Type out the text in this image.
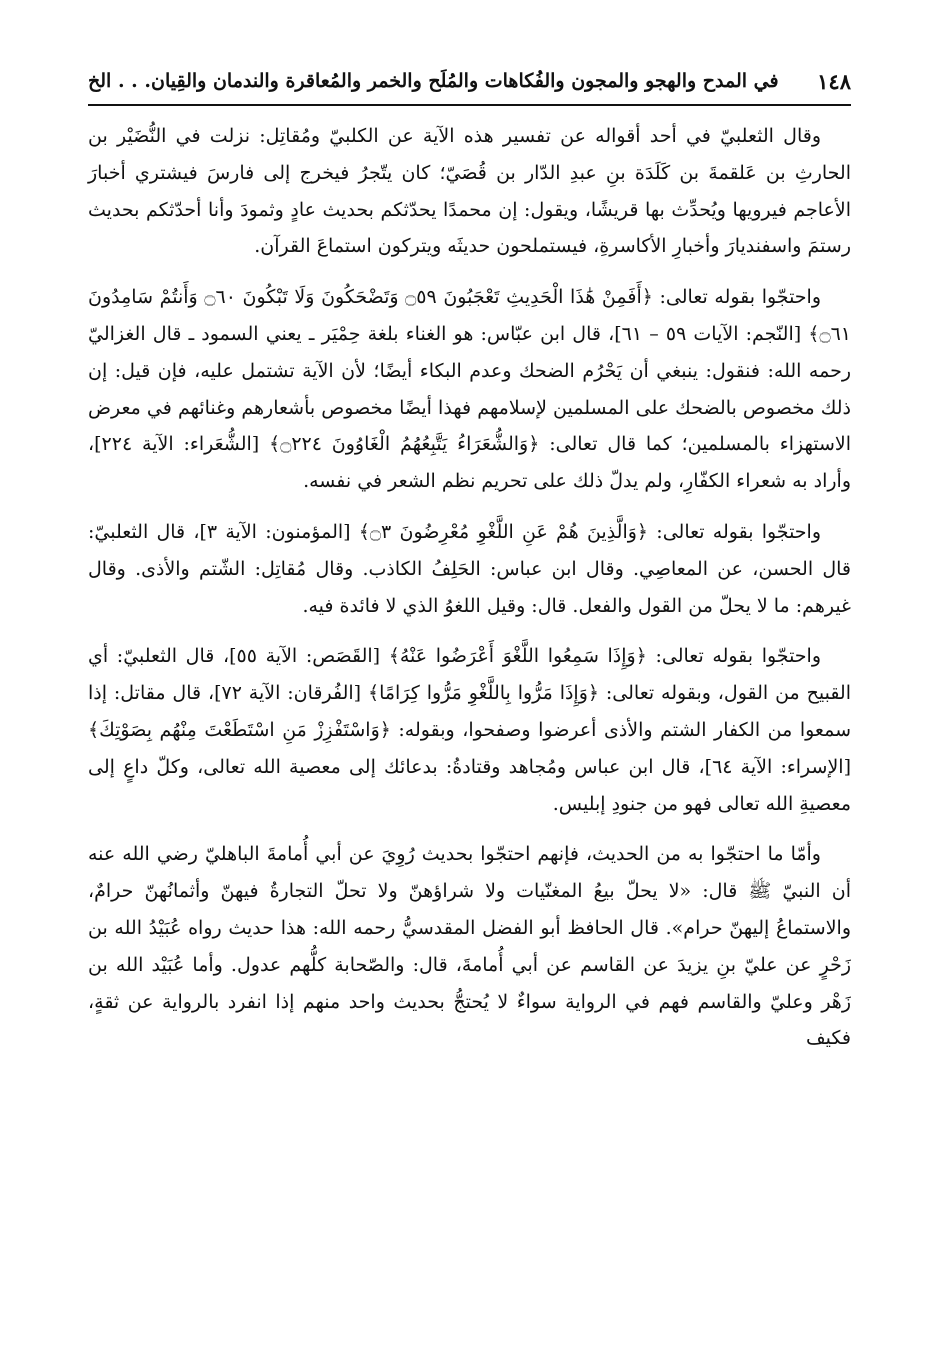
١٤٨
في المدح والهجو والمجون والفُكاهات والمُلَح والخمر والمُعاقرة والندمان والقِيان. . . الخ

وقال الثعلبيّ في أحد أقواله عن تفسير هذه الآية عن الكلبيّ ومُقاتِل: نزلت في النُّضَيْر بن الحارثِ بن عَلقمةَ بن كَلَدَة بنِ عبدِ الدّار بن قُصَيّ؛ كان يتّجرُ فيخرج إلى فارسَ فيشتري أخبارَ الأعاجم فيرويها ويُحدِّث بها قريشًا، ويقول: إن محمدًا يحدّثكم بحديث عادٍ وثمودَ وأنا أحدّثكم بحديث رستمَ واسفنديارَ وأخبارِ الأكاسرةِ، فيستملحون حديثَه ويتركون استماعَ القرآن.

واحتجّوا بقوله تعالى: ﴿أَفَمِنْ هَٰذَا الْحَدِيثِ تَعْجَبُونَ ۝٥٩ وَتَضْحَكُونَ وَلَا تَبْكُونَ ۝٦٠ وَأَنتُمْ سَامِدُونَ ۝٦١﴾ [النّجم: الآيات ٥٩ – ٦١]، قال ابن عبّاس: هو الغناء بلغة حِمْيَر ـ يعني السمود ـ قال الغزاليّ رحمه الله: فنقول: ينبغي أن يَحْرُم الضحك وعدم البكاء أيضًا؛ لأن الآية تشتمل عليه، فإن قيل: إن ذلك مخصوص بالضحك على المسلمين لإسلامهم فهذا أيضًا مخصوص بأشعارهم وغنائهم في معرض الاستهزاء بالمسلمين؛ كما قال تعالى: ﴿وَالشُّعَرَاءُ يَتَّبِعُهُمُ الْغَاوُونَ ۝٢٢٤﴾ [الشُّعَراء: الآية ٢٢٤]، وأراد به شعراء الكفّارِ، ولم يدلّ ذلك على تحريم نظم الشعر في نفسه.

واحتجّوا بقوله تعالى: ﴿وَالَّذِينَ هُمْ عَنِ اللَّغْوِ مُعْرِضُونَ ۝٣﴾ [المؤمنون: الآية ٣]، قال الثعلبيّ: قال الحسن، عن المعاصِي. وقال ابن عباس: الحَلِفُ الكاذب. وقال مُقاتِل: الشّتم والأذى. وقال غيرهم: ما لا يحلّ من القول والفعل. قال: وقيل اللغوُ الذي لا فائدة فيه.

واحتجّوا بقوله تعالى: ﴿وَإِذَا سَمِعُوا اللَّغْوَ أَعْرَضُوا عَنْهُ﴾ [القَصَص: الآية ٥٥]، قال الثعلبيّ: أي القبيح من القول، وبقوله تعالى: ﴿وَإِذَا مَرُّوا بِاللَّغْوِ مَرُّوا كِرَامًا﴾ [الفُرقان: الآية ٧٢]، قال مقاتل: إذا سمعوا من الكفار الشتم والأذى أعرضوا وصفحوا، وبقوله: ﴿وَاسْتَفْزِزْ مَنِ اسْتَطَعْتَ مِنْهُم بِصَوْتِكَ﴾ [الإسراء: الآية ٦٤]، قال ابن عباس ومُجاهد وقتادةُ: بدعائك إلى معصية الله تعالى، وكلّ داعٍ إلى معصيةِ الله تعالى فهو من جنودِ إبليس.

وأمّا ما احتجّوا به من الحديث، فإنهم احتجّوا بحديث رُوِيَ عن أبي أُمامةَ الباهليّ رضي الله عنه أن النبيّ ﷺ قال: «لا يحلّ بيعُ المغنّيات ولا شراؤهنّ ولا تحلّ التجارةُ فيهنّ وأثمانُهنّ حرامٌ، والاستماعُ إليهنّ حرام». قال الحافظ أبو الفضل المقدسيُّ رحمه الله: هذا حديث رواه عُبَيْدُ الله بن زَحْرٍ عن عليّ بنِ يزيدَ عن القاسم عن أبي أُمامةَ، قال: والصّحابة كلُّهم عدول. وأما عُبَيْد الله بن زَهْر وعليّ والقاسم فهم في الرواية سواءٌ لا يُحتجُّ بحديث واحد منهم إذا انفرد بالرواية عن ثقةٍ، فكيف
